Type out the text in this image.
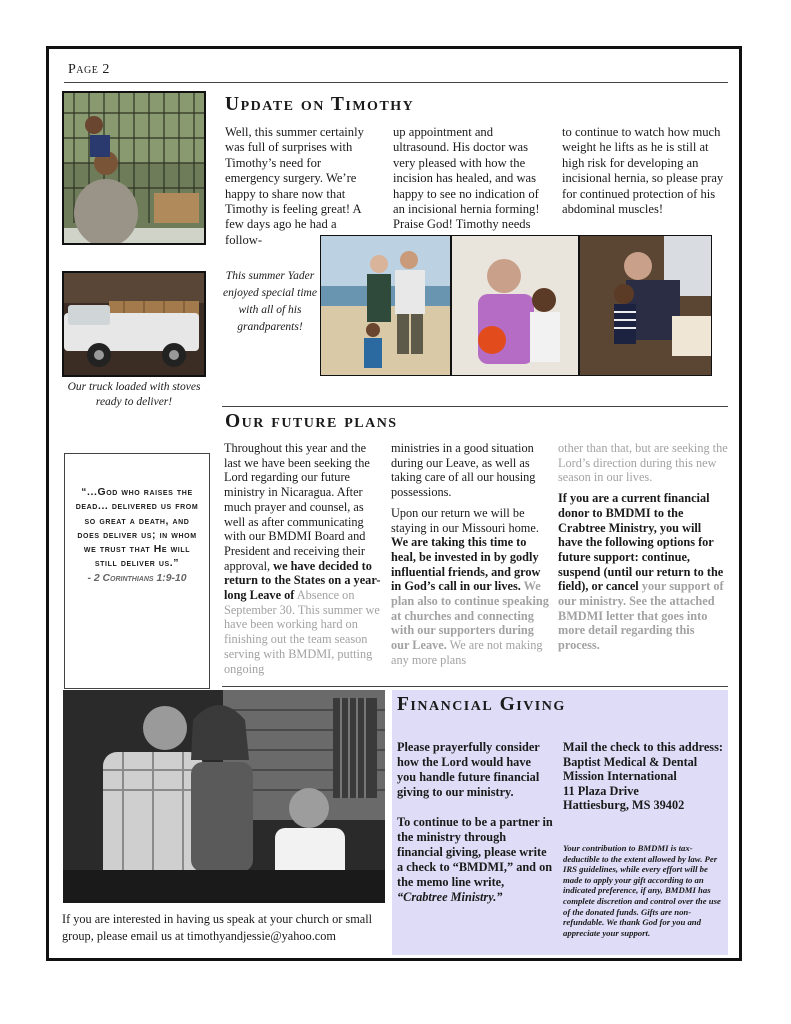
Page 2
Our truck loaded with stoves ready to deliver!
Update on Timothy
Well, this summer certainly was full of surprises with Timothy’s need for emergency surgery. We’re happy to share now that Timothy is feeling great! A few days ago he had a follow-
up appointment and ultrasound. His doctor was very pleased with how the incision has healed, and was happy to see no indication of an incisional hernia forming! Praise God! Timothy needs
to continue to watch how much weight he lifts as he is still at high risk for developing an incisional hernia, so please pray for continued protection of his abdominal muscles!
This summer Yader enjoyed special time with all of his grandparents!
Our future plans
Throughout this year and the last we have been seeking the Lord regarding our future ministry in Nicaragua. After much prayer and counsel, as well as after communicating with our BMDMI Board and President and receiving their approval, we have decided to return to the States on a year-long Leave of Absence on September 30. This summer we have been working hard on finishing out the team season serving with BMDMI, putting ongoing

ministries in a good situation during our Leave, as well as taking care of all our housing possessions.

Upon our return we will be staying in our Missouri home. We are taking this time to heal, be invested in by godly influential friends, and grow in God’s call in our lives. We plan also to continue speaking at churches and connecting with our supporters during our Leave. We are not making any more plans

other than that, but are seeking the Lord’s direction during this new season in our lives.

If you are a current financial donor to BMDMI to the Crabtree Ministry, you will have the following options for future support: continue, suspend (until our return to the field), or cancel your support of our ministry. See the attached BMDMI letter that goes into more detail regarding this process.

“...God who raises the dead... delivered us from so great a death, and does deliver us; in whom we trust that He will still deliver us.”
- 2 Corinthians 1:9-10
If you are interested in having us speak at your church or small group, please email us at timothyandjessie@yahoo.com
Financial Giving

Please prayerfully consider how the Lord would have you handle future financial giving to our ministry.

To continue to be a partner in the ministry through financial giving, please write a check to “BMDMI,” and on the memo line write, “Crabtree Ministry.”

Mail the check to this address:
Baptist Medical & Dental Mission International
11 Plaza Drive
Hattiesburg, MS 39402
Your contribution to BMDMI is tax-deductible to the extent allowed by law. Per IRS guidelines, while every effort will be made to apply your gift according to an indicated preference, if any, BMDMI has complete discretion and control over the use of the donated funds. Gifts are non-refundable. We thank God for you and appreciate your support.
